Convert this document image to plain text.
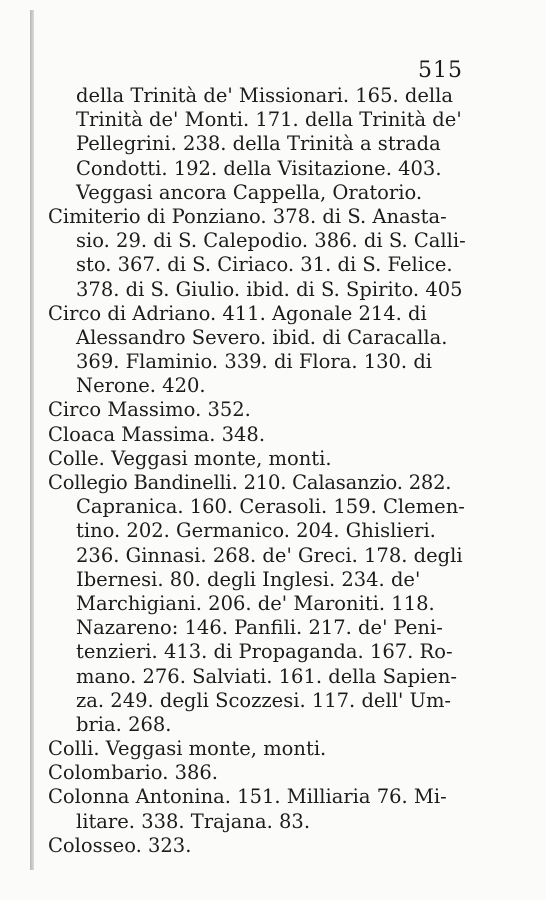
515
della Trinità de' Missionari. 165. della
Trinità de' Monti. 171. della Trinità de'
Pellegrini. 238. della Trinità a strada
Condotti. 192. della Visitazione. 403.
Veggasi ancora Cappella, Oratorio.
Cimiterio di Ponziano. 378. di S. Anasta-
sio. 29. di S. Calepodio. 386. di S. Calli-
sto. 367. di S. Ciriaco. 31. di S. Felice.
378. di S. Giulio. ibid. di S. Spirito. 405
Circo di Adriano. 411. Agonale 214. di
Alessandro Severo. ibid. di Caracalla.
369. Flaminio. 339. di Flora. 130. di
Nerone. 420.
Circo Massimo. 352.
Cloaca Massima. 348.
Colle. Veggasi monte, monti.
Collegio Bandinelli. 210. Calasanzio. 282.
Capranica. 160. Cerasoli. 159. Clemen-
tino. 202. Germanico. 204. Ghislieri.
236. Ginnasi. 268. de' Greci. 178. degli
Ibernesi. 80. degli Inglesi. 234. de'
Marchigiani. 206. de' Maroniti. 118.
Nazareno: 146. Panfili. 217. de' Peni-
tenzieri. 413. di Propaganda. 167. Ro-
mano. 276. Salviati. 161. della Sapien-
za. 249. degli Scozzesi. 117. dell' Um-
bria. 268.
Colli. Veggasi monte, monti.
Colombario. 386.
Colonna Antonina. 151. Milliaria 76. Mi-
litare. 338. Trajana. 83.
Colosseo. 323.
